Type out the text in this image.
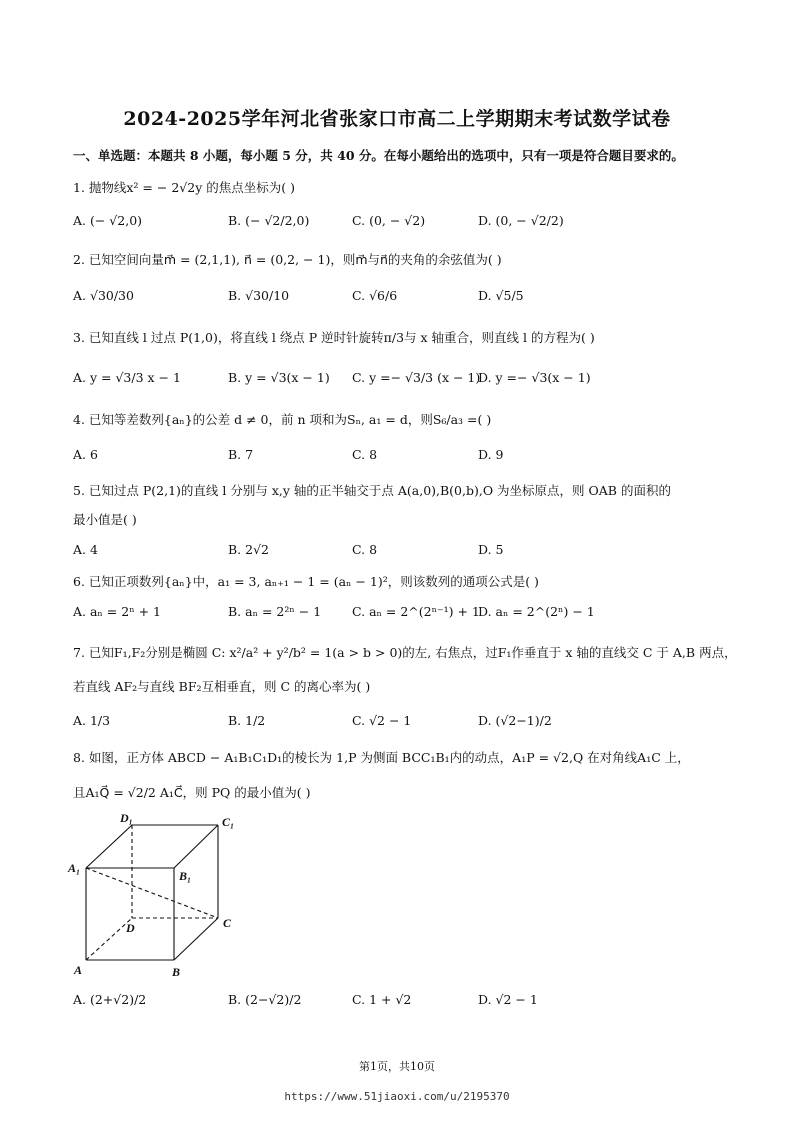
2024-2025学年河北省张家口市高二上学期期末考试数学试卷
一、单选题：本题共 8 小题，每小题 5 分，共 40 分。在每小题给出的选项中，只有一项是符合题目要求的。
1. 抛物线x² = − 2√2y 的焦点坐标为( )
A. (− √2,0)	B. (− √2/2,0)	C. (0, − √2)	D. (0, − √2/2)
2. 已知空间向量m⃗ = (2,1,1), n⃗ = (0,2, − 1)，则m⃗与n⃗的夹角的余弦值为( )
A. √30/30	B. √30/10	C. √6/6	D. √5/5
3. 已知直线 l 过点 P(1,0)，将直线 l 绕点 P 逆时针旋转π/3与 x 轴重合，则直线 l 的方程为( )
A. y = √3/3 x − 1	B. y = √3(x − 1) C. y =− √3/3 (x − 1)
D. y =− √3(x − 1)
4. 已知等差数列{aₙ}的公差 d ≠ 0，前 n 项和为Sₙ, a₁ = d，则S₆/a₃ =( )
A. 6	B. 7	C. 8	D. 9
5. 已知过点 P(2,1)的直线 l 分别与 x,y 轴的正半轴交于点 A(a,0),B(0,b),O 为坐标原点，则 OAB 的面积的
最小值是( )
A. 4	B. 2√2	C. 8	D. 5
6. 已知正项数列{aₙ}中，a₁ = 3, aₙ₊₁ − 1 = (aₙ − 1)²，则该数列的通项公式是( )
A. aₙ = 2ⁿ + 1	B. aₙ = 2²ⁿ − 1 C. aₙ = 2^(2ⁿ⁻¹) + 1
D. aₙ = 2^(2ⁿ) − 1
7. 已知F₁,F₂分别是椭圆 C: x²/a² + y²/b² = 1(a > b > 0)的左, 右焦点，过F₁作垂直于 x 轴的直线交 C 于 A,B 两点，
若直线 AF₂与直线 BF₂互相垂直，则 C 的离心率为( )
A. 1/3	B. 1/2	C. √2 − 1	D. (√2−1)/2
8. 如图，正方体 ABCD − A₁B₁C₁D₁的棱长为 1,P 为侧面 BCC₁B₁内的动点，A₁P = √2,Q 在对角线A₁C 上，
且A₁Q⃗ = √2/2 A₁C⃗，则 PQ 的最小值为( )
D₁	C₁
A₁
B₁
D	C
A	B
A. (2+√2)/2	B. (2−√2)/2	C. 1 + √2	D. √2 − 1
第1页，共10页
https://www.51jiaoxi.com/u/2195370
